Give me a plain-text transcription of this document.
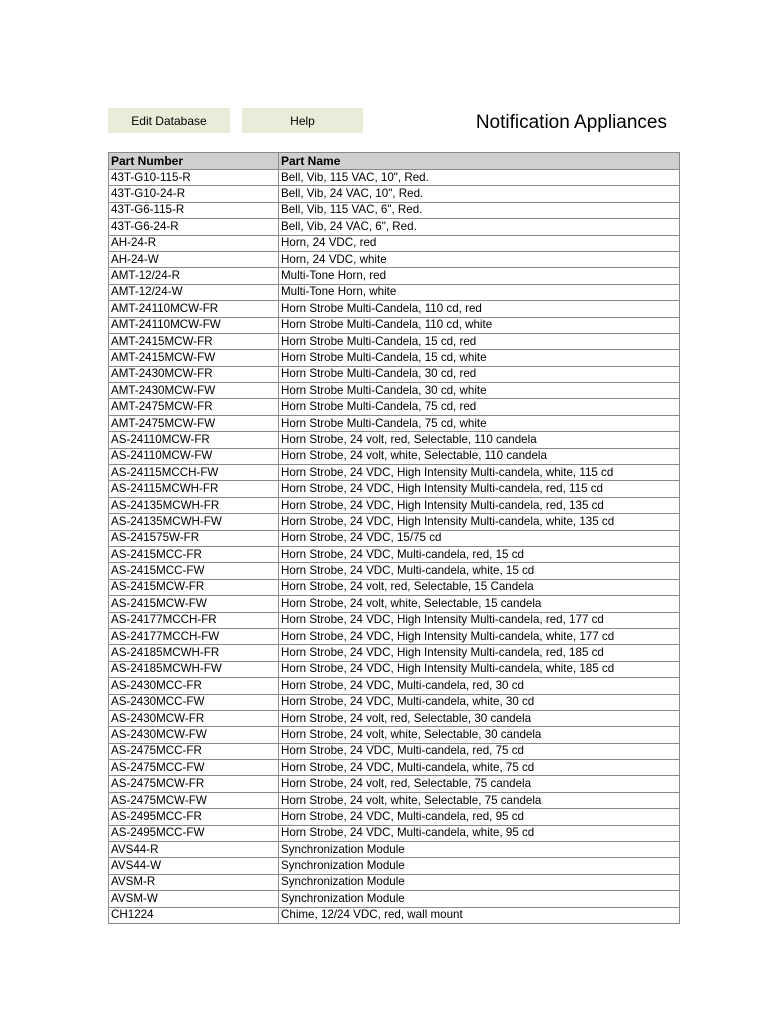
Edit Database	Help	Notification Appliances
Part Number	Part Name
43T-G10-115-R	Bell, Vib, 115 VAC, 10", Red.
43T-G10-24-R	Bell, Vib, 24 VAC, 10", Red.
43T-G6-115-R	Bell, Vib, 115 VAC, 6", Red.
43T-G6-24-R	Bell, Vib, 24 VAC, 6", Red.
AH-24-R	Horn, 24 VDC, red
AH-24-W	Horn, 24 VDC, white
AMT-12/24-R	Multi-Tone Horn, red
AMT-12/24-W	Multi-Tone Horn, white
AMT-24110MCW-FR	Horn Strobe Multi-Candela, 110 cd, red
AMT-24110MCW-FW	Horn Strobe Multi-Candela, 110 cd, white
AMT-2415MCW-FR	Horn Strobe Multi-Candela, 15 cd, red
AMT-2415MCW-FW	Horn Strobe Multi-Candela, 15 cd, white
AMT-2430MCW-FR	Horn Strobe Multi-Candela, 30 cd, red
AMT-2430MCW-FW	Horn Strobe Multi-Candela, 30 cd, white
AMT-2475MCW-FR	Horn Strobe Multi-Candela, 75 cd, red
AMT-2475MCW-FW	Horn Strobe Multi-Candela, 75 cd, white
AS-24110MCW-FR	Horn Strobe, 24 volt, red, Selectable, 110 candela
AS-24110MCW-FW	Horn Strobe, 24 volt, white, Selectable, 110 candela
AS-24115MCCH-FW	Horn Strobe, 24 VDC, High Intensity Multi-candela, white, 115 cd
AS-24115MCWH-FR	Horn Strobe, 24 VDC, High Intensity Multi-candela, red, 115 cd
AS-24135MCWH-FR	Horn Strobe, 24 VDC, High Intensity Multi-candela, red, 135 cd
AS-24135MCWH-FW	Horn Strobe, 24 VDC, High Intensity Multi-candela, white, 135 cd
AS-241575W-FR	Horn Strobe, 24 VDC, 15/75 cd
AS-2415MCC-FR	Horn Strobe, 24 VDC, Multi-candela, red, 15 cd
AS-2415MCC-FW	Horn Strobe, 24 VDC, Multi-candela, white, 15 cd
AS-2415MCW-FR	Horn Strobe, 24 volt, red, Selectable, 15 Candela
AS-2415MCW-FW	Horn Strobe, 24 volt, white, Selectable, 15 candela
AS-24177MCCH-FR	Horn Strobe, 24 VDC, High Intensity Multi-candela, red, 177 cd
AS-24177MCCH-FW	Horn Strobe, 24 VDC, High Intensity Multi-candela, white, 177 cd
AS-24185MCWH-FR	Horn Strobe, 24 VDC, High Intensity Multi-candela, red, 185 cd
AS-24185MCWH-FW	Horn Strobe, 24 VDC, High Intensity Multi-candela, white, 185 cd
AS-2430MCC-FR	Horn Strobe, 24 VDC, Multi-candela, red, 30 cd
AS-2430MCC-FW	Horn Strobe, 24 VDC, Multi-candela, white, 30 cd
AS-2430MCW-FR	Horn Strobe, 24 volt, red, Selectable, 30 candela
AS-2430MCW-FW	Horn Strobe, 24 volt, white, Selectable, 30 candela
AS-2475MCC-FR	Horn Strobe, 24 VDC, Multi-candela, red, 75 cd
AS-2475MCC-FW	Horn Strobe, 24 VDC, Multi-candela, white, 75 cd
AS-2475MCW-FR	Horn Strobe, 24 volt, red, Selectable, 75 candela
AS-2475MCW-FW	Horn Strobe, 24 volt, white, Selectable, 75 candela
AS-2495MCC-FR	Horn Strobe, 24 VDC, Multi-candela, red, 95 cd
AS-2495MCC-FW	Horn Strobe, 24 VDC, Multi-candela, white, 95 cd
AVS44-R	Synchronization Module
AVS44-W	Synchronization Module
AVSM-R	Synchronization Module
AVSM-W	Synchronization Module
CH1224	Chime, 12/24 VDC, red, wall mount
